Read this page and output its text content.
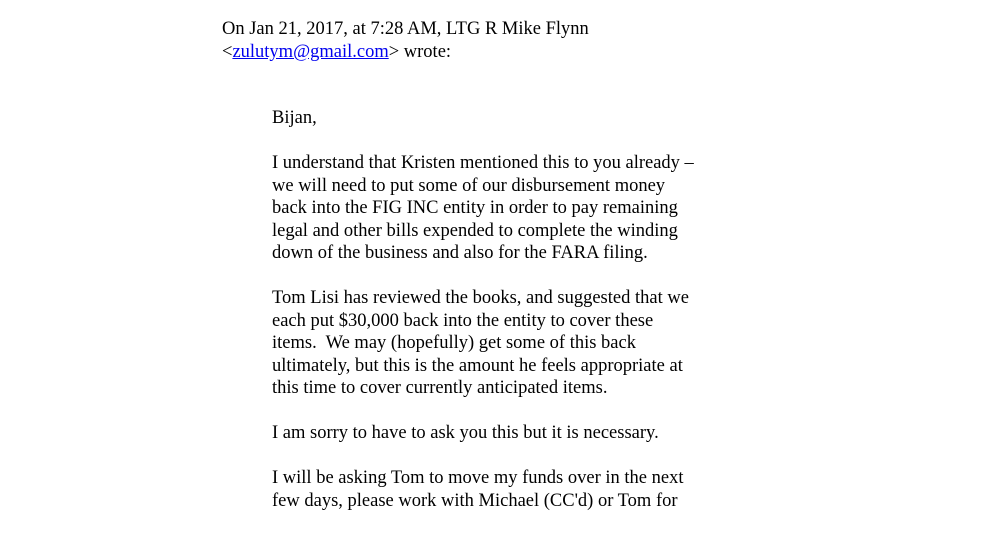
On Jan 21, 2017, at 7:28 AM, LTG R Mike Flynn
<zulutym@gmail.com> wrote:

Bijan,

I understand that Kristen mentioned this to you already –
we will need to put some of our disbursement money
back into the FIG INC entity in order to pay remaining
legal and other bills expended to complete the winding
down of the business and also for the FARA filing.

Tom Lisi has reviewed the books, and suggested that we
each put $30,000 back into the entity to cover these
items.  We may (hopefully) get some of this back
ultimately, but this is the amount he feels appropriate at
this time to cover currently anticipated items.

I am sorry to have to ask you this but it is necessary.

I will be asking Tom to move my funds over in the next
few days, please work with Michael (CC'd) or Tom for
